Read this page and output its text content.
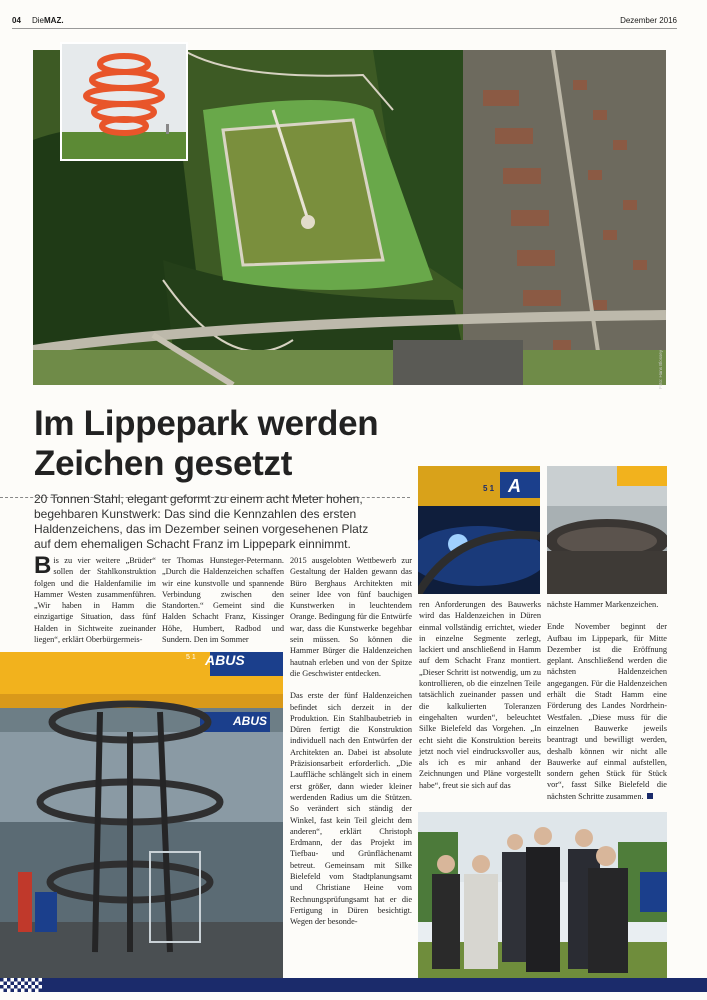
04 DieMAZ.	Dezember 2016
Foto: Hans Blossey
Im Lippepark werden Zeichen gesetzt

20 Tonnen Stahl, elegant geformt zu einem acht Meter hohen, begehbaren Kunstwerk: Das sind die Kennzahlen des ersten Haldenzeichens, das im Dezember seinen vorgesehenen Platz auf dem ehemaligen Schacht Franz im Lippepark einnimmt.

Bis zu vier weitere „Brüder“ sollen der Stahlkonstruktion folgen und die Haldenfamilie im Hammer Westen zusammenführen. „Wir haben in Hamm die einzigartige Situation, dass fünf Halden in Sichtweite zueinander liegen“, erklärt Oberbürgermeis-

ter Thomas Hunsteger-Petermann. „Durch die Haldenzeichen schaffen wir eine kunstvolle und spannende Verbindung zwischen den Standorten.“ Gemeint sind die Halden Schacht Franz, Kissinger Höhe, Humbert, Radbod und Sundern. Den im Sommer

ABUS
5 1
ABUS

2015 ausgelobten Wettbewerb zur Gestaltung der Halden gewann das Büro Berghaus Architekten mit seiner Idee von fünf bauchigen Kunstwerken in leuchtendem Orange. Bedingung für die Entwürfe war, dass die Kunstwerke begehbar sein müssen. So können die Hammer Bürger die Haldenzeichen hautnah erleben und von der Spitze die Geschwister entdecken.

Das erste der fünf Haldenzeichen befindet sich derzeit in der Produktion. Ein Stahlbaubetrieb in Düren fertigt die Konstruktion individuell nach den Entwürfen der Architekten an. Dabei ist absolute Präzisionsarbeit erforderlich. „Die Lauffläche schlängelt sich in einem erst größer, dann wieder kleiner werdenden Radius um die Stützen. So verändert sich ständig der Winkel, fast kein Teil gleicht dem anderen“, erklärt Christoph Erdmann, der das Projekt im Tiefbau- und Grünflächenamt betreut. Gemeinsam mit Silke Bielefeld vom Stadtplanungsamt und Christiane Heine vom Rechnungsprüfungsamt hat er die Fertigung in Düren besichtigt. Wegen der besonde-

5 1 A

ren Anforderungen des Bauwerks wird das Haldenzeichen in Düren einmal vollständig errichtet, wieder in einzelne Segmente zerlegt, lackiert und anschließend in Hamm auf dem Schacht Franz montiert. „Dieser Schritt ist notwendig, um zu kontrollieren, ob die einzelnen Teile tatsächlich zueinander passen und die kalkulierten Toleranzen eingehalten wurden“, beleuchtet Silke Bielefeld das Vorgehen. „In echt sieht die Konstruktion bereits jetzt noch viel eindrucksvoller aus, als ich es mir anhand der Zeichnungen und Pläne vorgestellt habe“, freut sie sich auf das

nächste Hammer Markenzeichen.

Ende November beginnt der Aufbau im Lippepark, für Mitte Dezember ist die Eröffnung geplant. Anschließend werden die nächsten Haldenzeichen angegangen. Für die Haldenzeichen erhält die Stadt Hamm eine Förderung des Landes Nordrhein-Westfalen. „Diese muss für die einzelnen Bauwerke jeweils beantragt und bewilligt werden, deshalb können wir nicht alle Bauwerke auf einmal aufstellen, sondern gehen Stück für Stück vor“, fasst Silke Bielefeld die nächsten Schritte zusammen.
